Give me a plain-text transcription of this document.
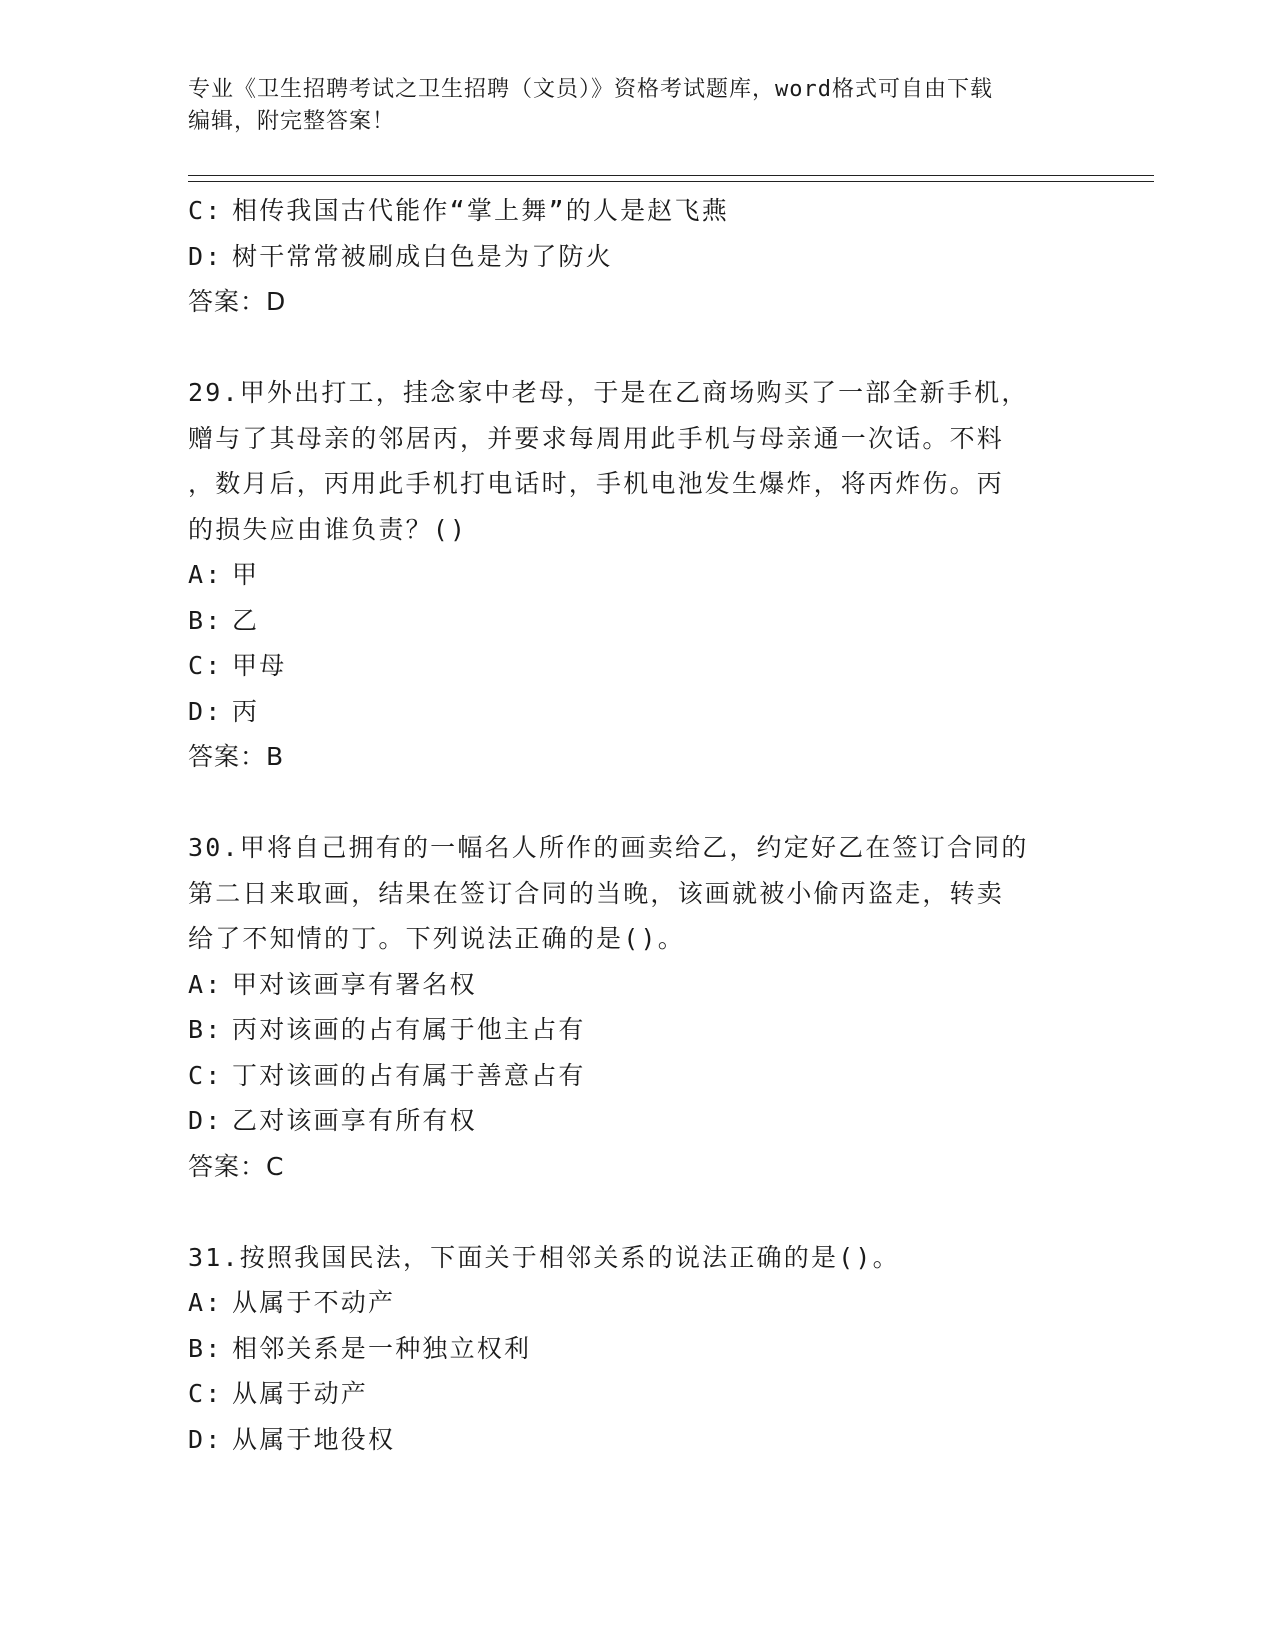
专业《卫生招聘考试之卫生招聘（文员）》资格考试题库，word格式可自由下载
编辑，附完整答案！
C: 相传我国古代能作“掌上舞”的人是赵飞燕
D: 树干常常被刷成白色是为了防火
答案：D
29.甲外出打工，挂念家中老母，于是在乙商场购买了一部全新手机，
赠与了其母亲的邻居丙，并要求每周用此手机与母亲通一次话。不料
，数月后，丙用此手机打电话时，手机电池发生爆炸，将丙炸伤。丙
的损失应由谁负责？()
A: 甲
B: 乙
C: 甲母
D: 丙
答案：B
30.甲将自己拥有的一幅名人所作的画卖给乙，约定好乙在签订合同的
第二日来取画，结果在签订合同的当晚，该画就被小偷丙盗走，转卖
给了不知情的丁。下列说法正确的是()。
A: 甲对该画享有署名权
B: 丙对该画的占有属于他主占有
C: 丁对该画的占有属于善意占有
D: 乙对该画享有所有权
答案：C
31.按照我国民法，下面关于相邻关系的说法正确的是()。
A: 从属于不动产
B: 相邻关系是一种独立权利
C: 从属于动产
D: 从属于地役权
